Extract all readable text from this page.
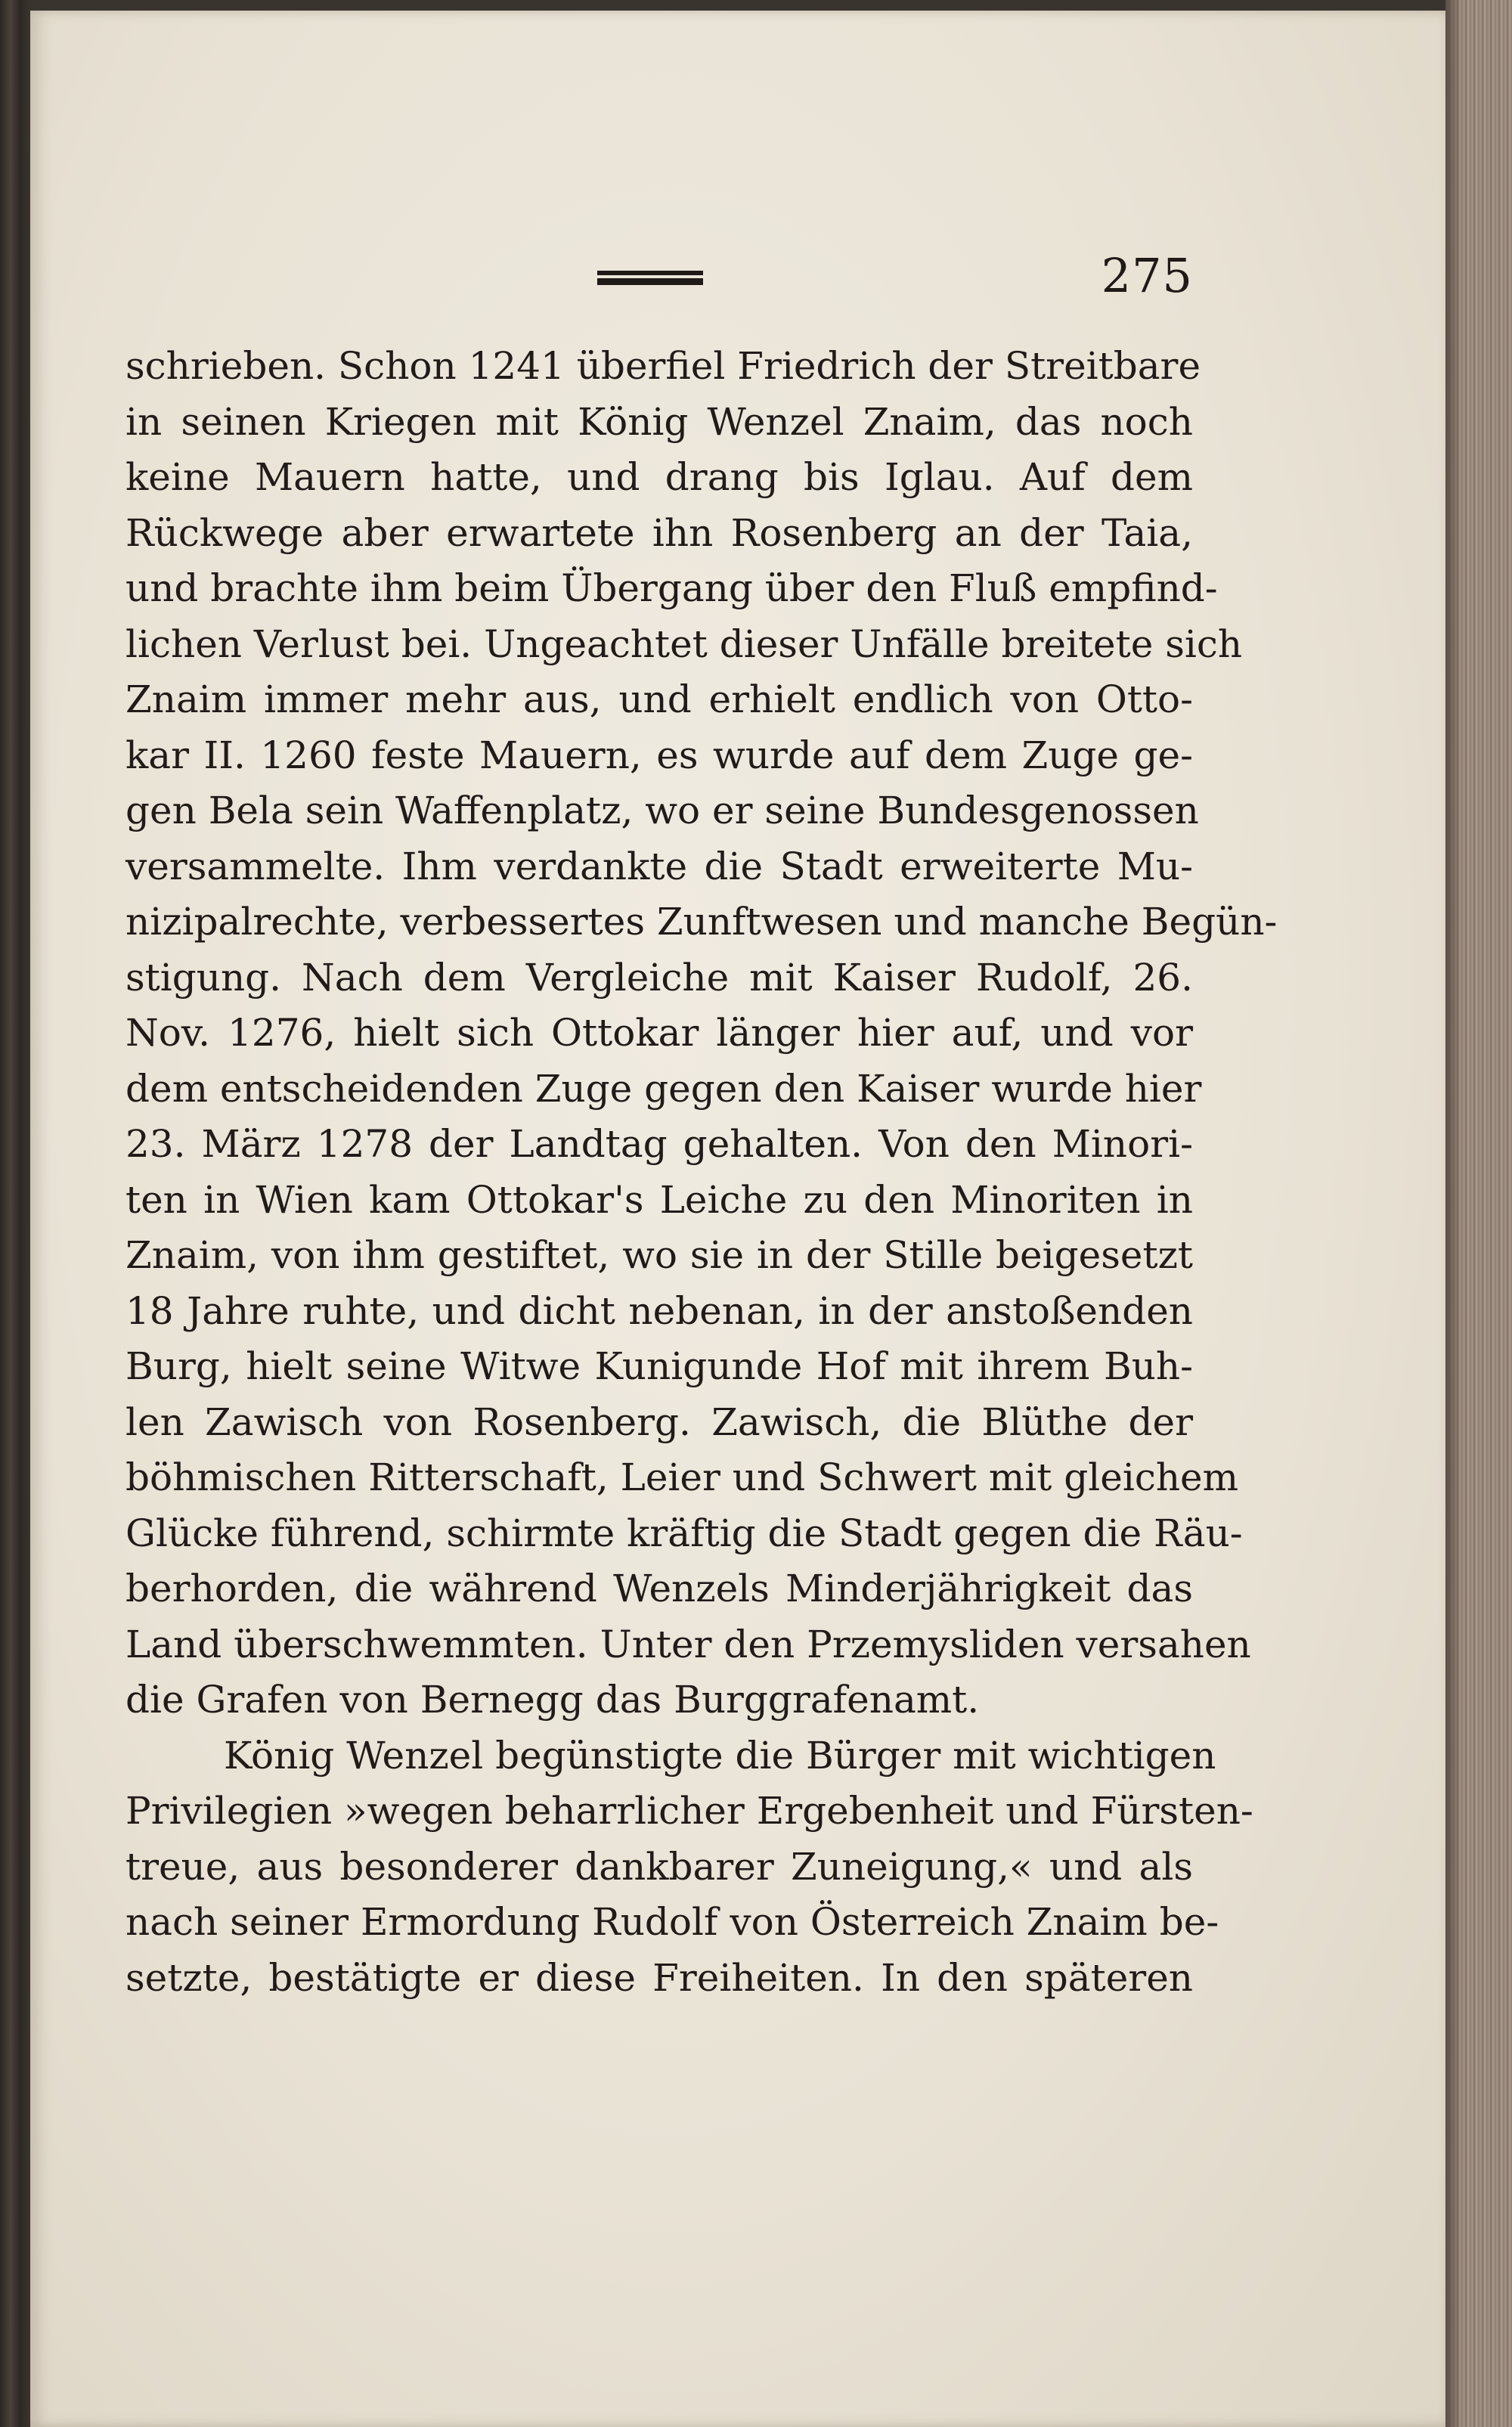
275
schrieben. Schon 1241 überfiel Friedrich der Streitbare
in seinen Kriegen mit König Wenzel Znaim, das noch
keine Mauern hatte, und drang bis Iglau. Auf dem
Rückwege aber erwartete ihn Rosenberg an der Taia,
und brachte ihm beim Übergang über den Fluß empfind-
lichen Verlust bei. Ungeachtet dieser Unfälle breitete sich
Znaim immer mehr aus, und erhielt endlich von Otto-
kar II. 1260 feste Mauern, es wurde auf dem Zuge ge-
gen Bela sein Waffenplatz, wo er seine Bundesgenossen
versammelte. Ihm verdankte die Stadt erweiterte Mu-
nizipalrechte, verbessertes Zunftwesen und manche Begün-
stigung. Nach dem Vergleiche mit Kaiser Rudolf, 26.
Nov. 1276, hielt sich Ottokar länger hier auf, und vor
dem entscheidenden Zuge gegen den Kaiser wurde hier
23. März 1278 der Landtag gehalten. Von den Minori-
ten in Wien kam Ottokar's Leiche zu den Minoriten in
Znaim, von ihm gestiftet, wo sie in der Stille beigesetzt
18 Jahre ruhte, und dicht nebenan, in der anstoßenden
Burg, hielt seine Witwe Kunigunde Hof mit ihrem Buh-
len Zawisch von Rosenberg. Zawisch, die Blüthe der
böhmischen Ritterschaft, Leier und Schwert mit gleichem
Glücke führend, schirmte kräftig die Stadt gegen die Räu-
berhorden, die während Wenzels Minderjährigkeit das
Land überschwemmten. Unter den Przemysliden versahen
die Grafen von Bernegg das Burggrafenamt.
König Wenzel begünstigte die Bürger mit wichtigen
Privilegien »wegen beharrlicher Ergebenheit und Fürsten-
treue, aus besonderer dankbarer Zuneigung,« und als
nach seiner Ermordung Rudolf von Österreich Znaim be-
setzte, bestätigte er diese Freiheiten. In den späteren
